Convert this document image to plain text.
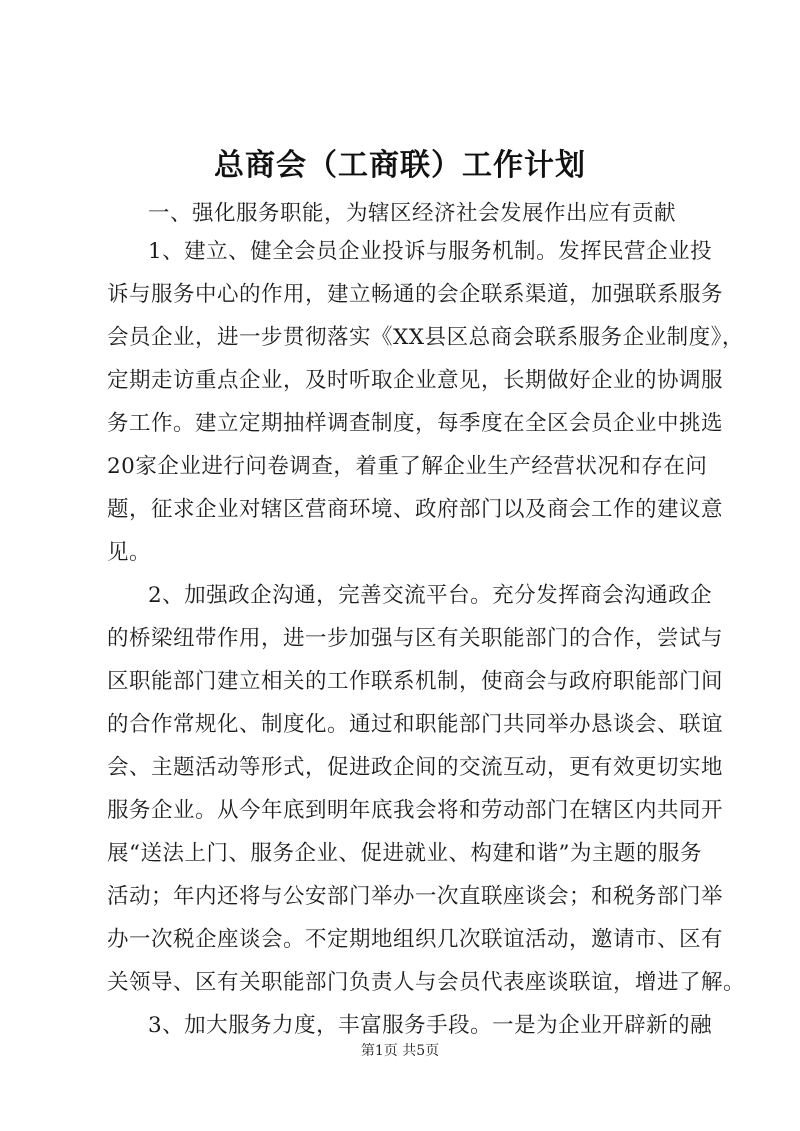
总商会（工商联）工作计划
一、强化服务职能，为辖区经济社会发展作出应有贡献
1、建立、健全会员企业投诉与服务机制。发挥民营企业投
诉与服务中心的作用，建立畅通的会企联系渠道，加强联系服务
会员企业，进一步贯彻落实《XX县区总商会联系服务企业制度》，
定期走访重点企业，及时听取企业意见，长期做好企业的协调服
务工作。建立定期抽样调查制度，每季度在全区会员企业中挑选
20家企业进行问卷调查，着重了解企业生产经营状况和存在问
题，征求企业对辖区营商环境、政府部门以及商会工作的建议意
见。
2、加强政企沟通，完善交流平台。充分发挥商会沟通政企
的桥梁纽带作用，进一步加强与区有关职能部门的合作，尝试与
区职能部门建立相关的工作联系机制，使商会与政府职能部门间
的合作常规化、制度化。通过和职能部门共同举办恳谈会、联谊
会、主题活动等形式，促进政企间的交流互动，更有效更切实地
服务企业。从今年底到明年底我会将和劳动部门在辖区内共同开
展“送法上门、服务企业、促进就业、构建和谐”为主题的服务
活动；年内还将与公安部门举办一次直联座谈会；和税务部门举
办一次税企座谈会。不定期地组织几次联谊活动，邀请市、区有
关领导、区有关职能部门负责人与会员代表座谈联谊，增进了解。
3、加大服务力度，丰富服务手段。一是为企业开辟新的融
第1页 共5页
